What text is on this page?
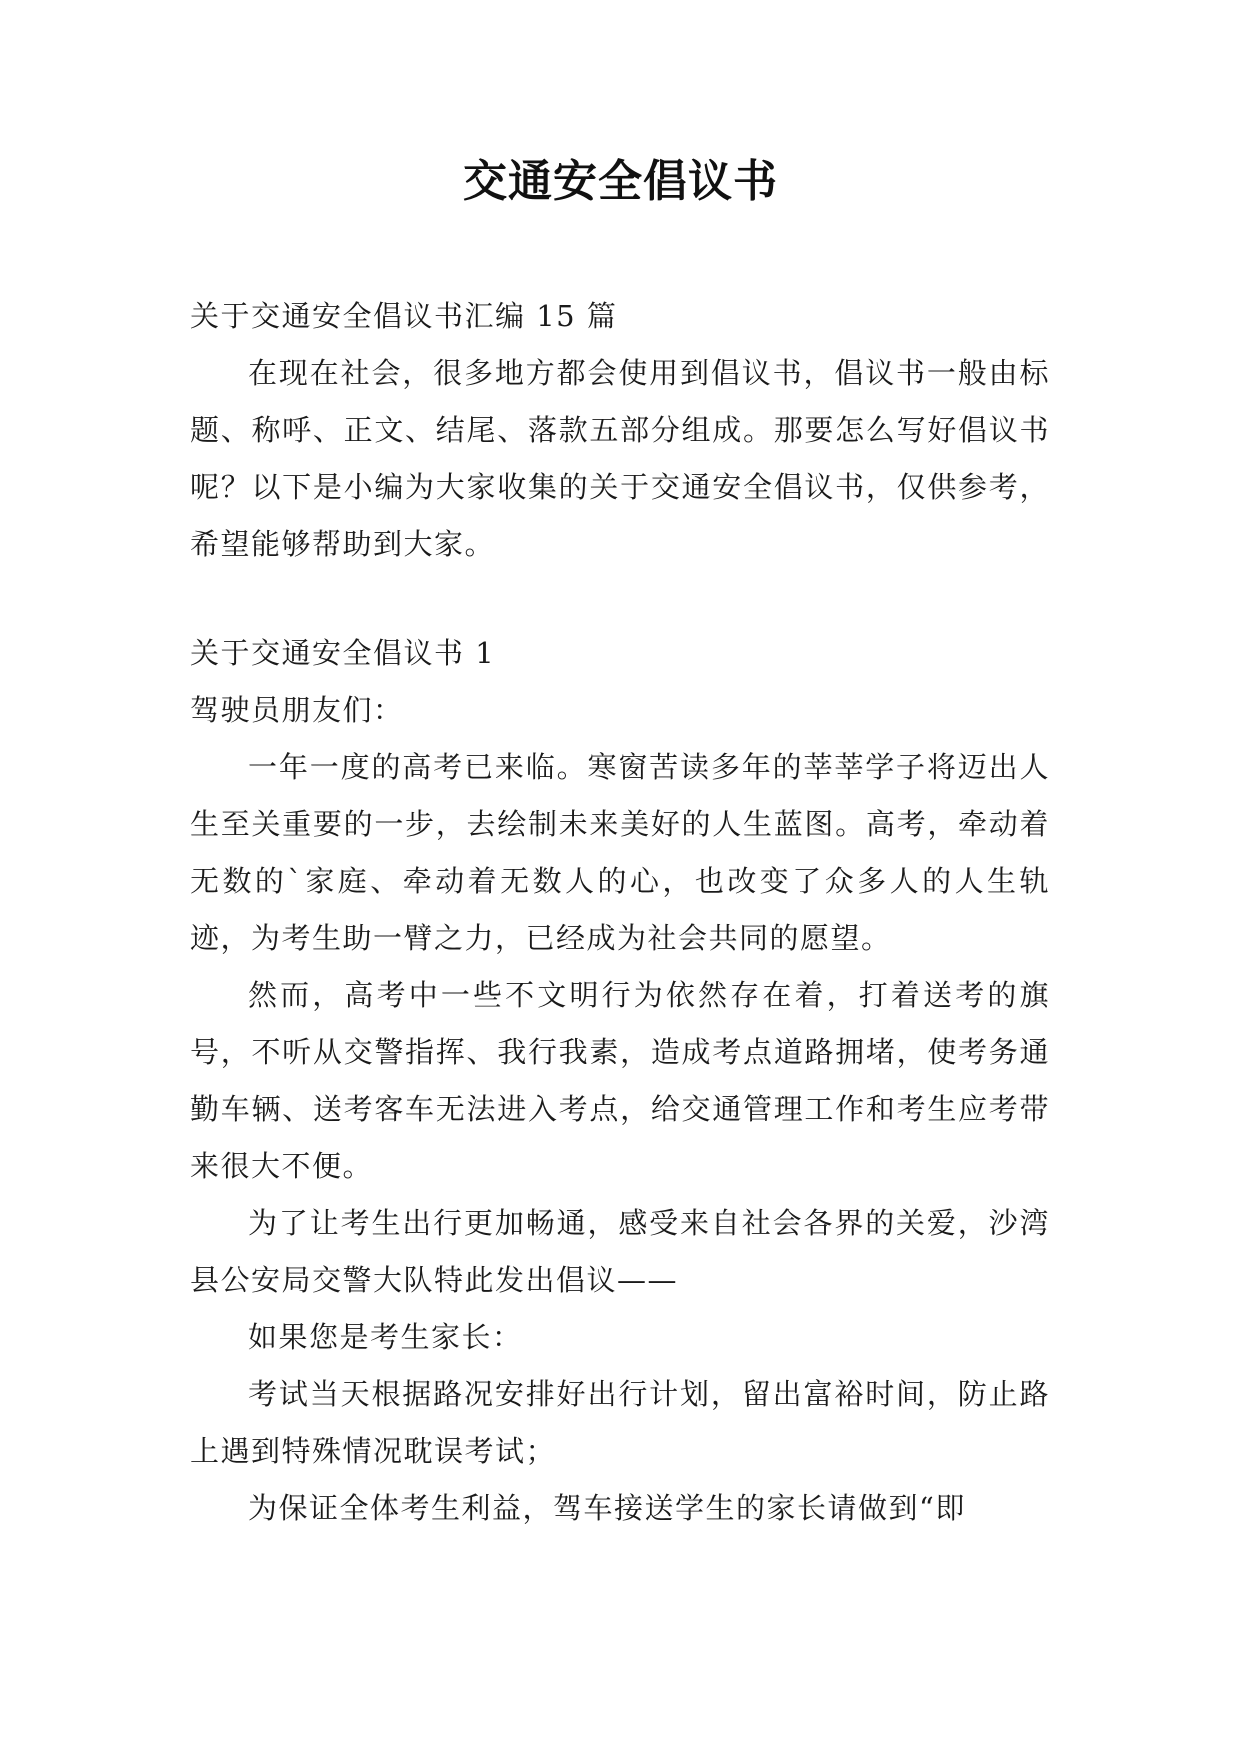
交通安全倡议书

关于交通安全倡议书汇编 15 篇

在现在社会，很多地方都会使用到倡议书，倡议书一般由标题、称呼、正文、结尾、落款五部分组成。那要怎么写好倡议书呢？以下是小编为大家收集的关于交通安全倡议书，仅供参考，希望能够帮助到大家。

关于交通安全倡议书 1

驾驶员朋友们：

一年一度的高考已来临。寒窗苦读多年的莘莘学子将迈出人生至关重要的一步，去绘制未来美好的人生蓝图。高考，牵动着无数的`家庭、牵动着无数人的心，也改变了众多人的人生轨迹，为考生助一臂之力，已经成为社会共同的愿望。

然而，高考中一些不文明行为依然存在着，打着送考的旗号，不听从交警指挥、我行我素，造成考点道路拥堵，使考务通勤车辆、送考客车无法进入考点，给交通管理工作和考生应考带来很大不便。

为了让考生出行更加畅通，感受来自社会各界的关爱，沙湾县公安局交警大队特此发出倡议——

如果您是考生家长：

考试当天根据路况安排好出行计划，留出富裕时间，防止路上遇到特殊情况耽误考试；

为保证全体考生利益，驾车接送学生的家长请做到“即
